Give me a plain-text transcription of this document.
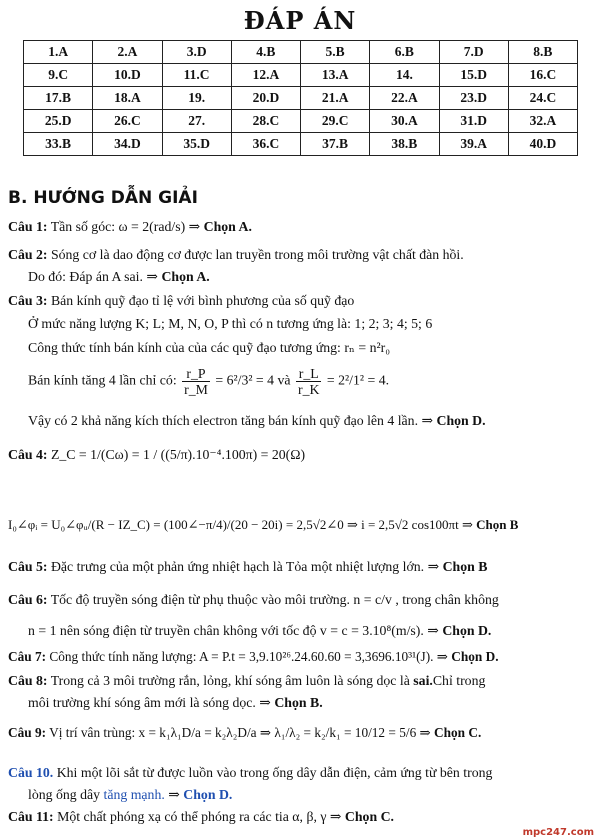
ĐÁP ÁN
1.A	2.A	3.D	4.B	5.B	6.B	7.D	8.B
9.C	10.D	11.C	12.A	13.A	14.	15.D	16.C
17.B	18.A	19.	20.D	21.A	22.A	23.D	24.C
25.D	26.C	27.	28.C	29.C	30.A	31.D	32.A
33.B	34.D	35.D	36.C	37.B	38.B	39.A	40.D
B. HƯỚNG DẪN GIẢI
Câu 1: Tần số góc: ω = 2(rad/s) ⇒ Chọn A.
Câu 2: Sóng cơ là dao động cơ được lan truyền trong môi trường vật chất đàn hồi.
Do đó: Đáp án A sai. ⇒ Chọn A.
Câu 3: Bán kính quỹ đạo tỉ lệ với bình phương của số quỹ đạo
Ở mức năng lượng K; L; M, N, O, P thì có n tương ứng là: 1; 2; 3; 4; 5; 6
Công thức tính bán kính của của các quỹ đạo tương ứng: rₙ = n²r₀
Bán kính tăng 4 lần chỉ có: $\frac{r\_P}{r\_M} = 6^2/3^2 = 4$ và $\frac{r\_L}{r\_K} = 2^2/1^2 = 4$.
Vậy có 2 khả năng kích thích electron tăng bán kính quỹ đạo lên 4 lần. ⇒ Chọn D.
Câu 4: Z_C = 1/(Cω) = 1 / ((5/π).10⁻⁴.100π) = 20(Ω)
I₀∠φᵢ = U₀∠φᵤ/(R − IZ_C) = (100∠−π/4)/(20 − 20i) = 2,5√2∠0 ⇒ i = 2,5√2 cos100πt ⇒ Chọn B
Câu 5: Đặc trưng của một phản ứng nhiệt hạch là Tỏa một nhiệt lượng lớn. ⇒ Chọn B
Câu 6: Tốc độ truyền sóng điện từ phụ thuộc vào môi trường. n = c/v , trong chân không
n = 1 nên sóng điện từ truyền chân không với tốc độ v = c = 3.10⁸(m/s). ⇒ Chọn D.
Câu 7: Công thức tính năng lượng: A = P.t = 3,9.10²⁶.24.60.60 = 3,3696.10³¹(J). ⇒ Chọn D.
Câu 8: Trong cả 3 môi trường rắn, lỏng, khí sóng âm luôn là sóng dọc là sai.Chỉ trong
môi trường khí sóng âm mới là sóng dọc. ⇒ Chọn B.
Câu 9: Vị trí vân trùng: x = k₁λ₁D/a = k₂λ₂D/a ⇒ λ₁/λ₂ = k₂/k₁ = 10/12 = 5/6 ⇒ Chọn C.
Câu 10. Khi một lõi sắt từ được luồn vào trong ống dây dẫn điện, cảm ứng từ bên trong
lòng ống dây tăng mạnh. ⇒ Chọn D.
Câu 11: Một chất phóng xạ có thể phóng ra các tia α, β, γ ⇒ Chọn C.
mpc247.com
